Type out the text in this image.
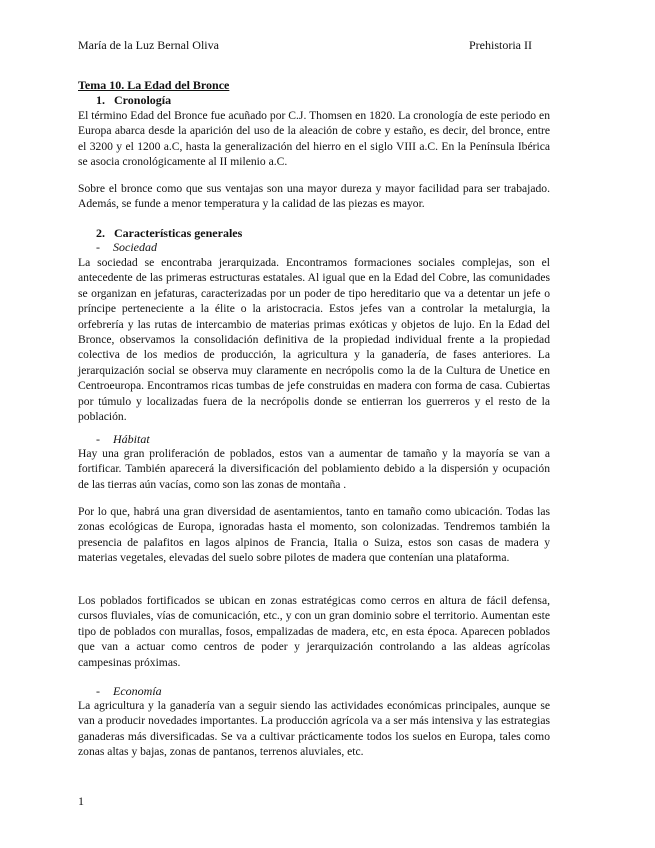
María de la Luz Bernal Oliva	Prehistoria II
Tema 10. La Edad del Bronce
1. Cronología

El término Edad del Bronce fue acuñado por C.J. Thomsen en 1820. La cronología de este periodo en Europa abarca desde la aparición del uso de la aleación de cobre y estaño, es decir, del bronce, entre el 3200 y el 1200 a.C, hasta la generalización del hierro en el siglo VIII a.C. En la Península Ibérica se asocia cronológicamente al II milenio a.C.

Sobre el bronce como que sus ventajas son una mayor dureza y mayor facilidad para ser trabajado. Además, se funde a menor temperatura y la calidad de las piezas es mayor.

2. Características generales
- Sociedad

La sociedad se encontraba jerarquizada. Encontramos formaciones sociales complejas, son el antecedente de las primeras estructuras estatales. Al igual que en la Edad del Cobre, las comunidades se organizan en jefaturas, caracterizadas por un poder de tipo hereditario que va a detentar un jefe o príncipe perteneciente a la élite o la aristocracia. Estos jefes van a controlar la metalurgia, la orfebrería y las rutas de intercambio de materias primas exóticas y objetos de lujo. En la Edad del Bronce, observamos la consolidación definitiva de la propiedad individual frente a la propiedad colectiva de los medios de producción, la agricultura y la ganadería, de fases anteriores. La jerarquización social se observa muy claramente en necrópolis como la de la Cultura de Unetice en Centroeuropa. Encontramos ricas tumbas de jefe construidas en madera con forma de casa. Cubiertas por túmulo y localizadas fuera de la necrópolis donde se entierran los guerreros y el resto de la población.

- Hábitat

Hay una gran proliferación de poblados, estos van a aumentar de tamaño y la mayoría se van a fortificar. También aparecerá la diversificación del poblamiento debido a la dispersión y ocupación de las tierras aún vacías, como son las zonas de montaña .

Por lo que, habrá una gran diversidad de asentamientos, tanto en tamaño como ubicación. Todas las zonas ecológicas de Europa, ignoradas hasta el momento, son colonizadas. Tendremos también la presencia de palafitos en lagos alpinos de Francia, Italia o Suiza, estos son casas de madera y materias vegetales, elevadas del suelo sobre pilotes de madera que contenían una plataforma.

Los poblados fortificados se ubican en zonas estratégicas como cerros en altura de fácil defensa, cursos fluviales, vías de comunicación, etc., y con un gran dominio sobre el territorio. Aumentan este tipo de poblados con murallas, fosos, empalizadas de madera, etc, en esta época. Aparecen poblados que van a actuar como centros de poder y jerarquización controlando a las aldeas agrícolas campesinas próximas.

- Economía

La agricultura y la ganadería van a seguir siendo las actividades económicas principales, aunque se van a producir novedades importantes. La producción agrícola va a ser más intensiva y las estrategias ganaderas más diversificadas. Se va a cultivar prácticamente todos los suelos en Europa, tales como zonas altas y bajas, zonas de pantanos, terrenos aluviales, etc.

1
